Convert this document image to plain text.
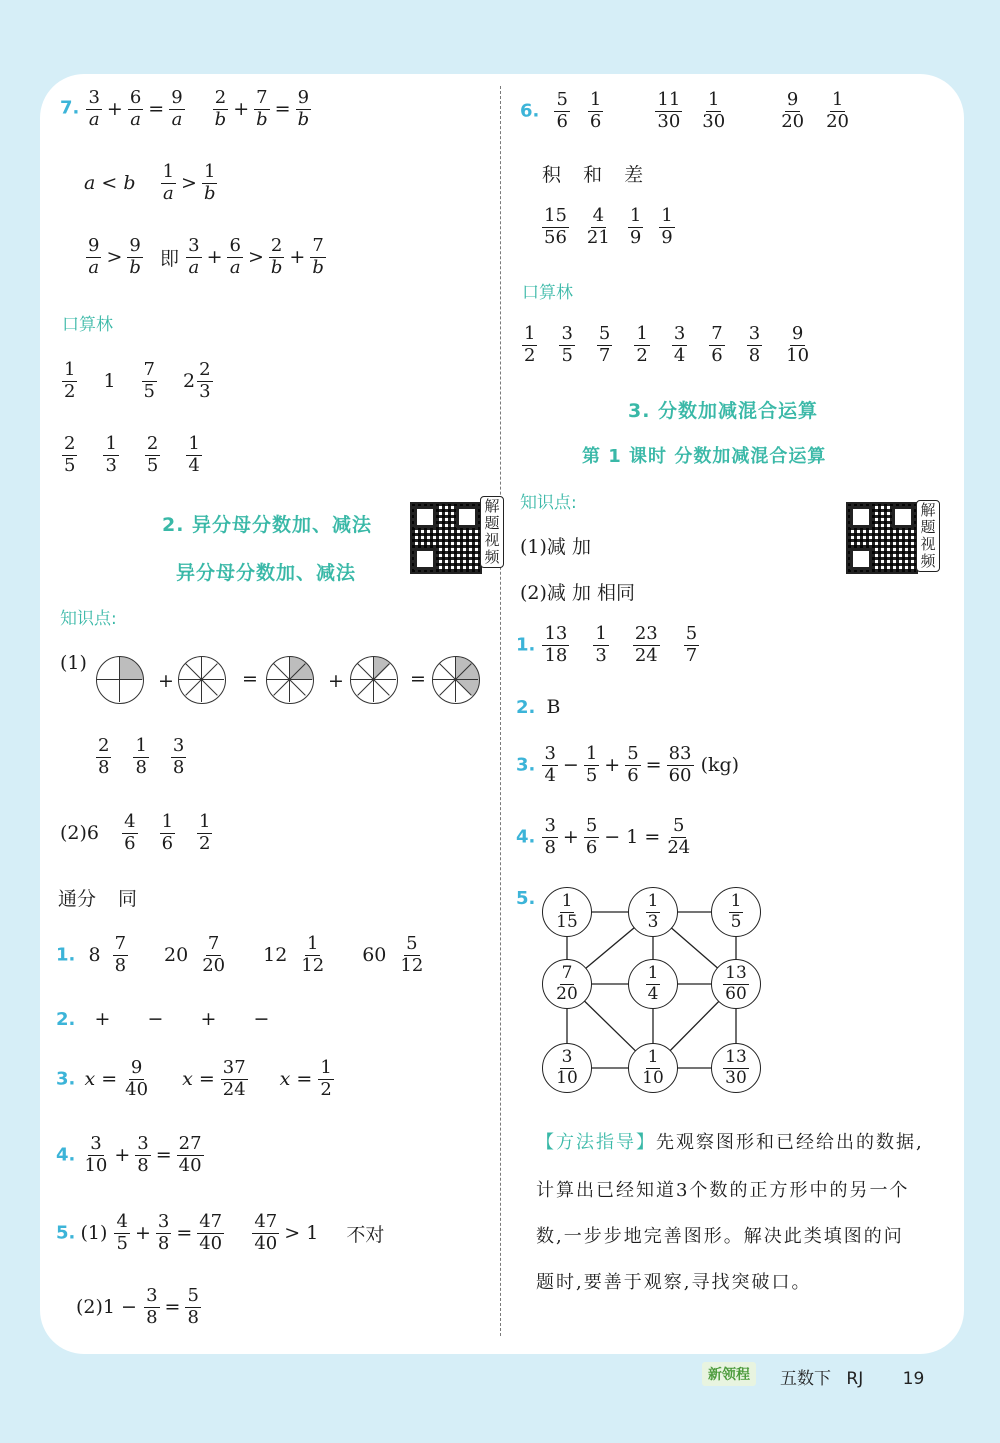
7. $\frac{3}{a} + \frac{6}{a} = \frac{9}{a} \frac{2}{b} + \frac{7}{b} = \frac{9}{b}$
a < b $\frac{1}{a} > \frac{1}{b}$
$\frac{9}{a} > \frac{9}{b}$ 即 $\frac{3}{a} + \frac{6}{a} > \frac{2}{b} + \frac{7}{b}$
口算林
$\frac{1}{2} 1 \frac{7}{5} 2 \frac{2}{3}$
$\frac{2}{5} \frac{1}{3} \frac{2}{5} \frac{1}{4}$
2. 异分母分数加、减法
异分母分数加、减法
解题视频
知识点:
(1)
+	=	+	=
$\frac{2}{8} \frac{1}{8} \frac{3}{8}$
$(2)6 \frac{4}{6} \frac{1}{6} \frac{1}{2}$
通分 同
1. $8 \frac{7}{8} 20 \frac{7}{20} 12 \frac{1}{12} 60 \frac{5}{12}$
2. + − + −
3. $x = \frac{9}{40}$ $x = \frac{37}{24}$ $x = \frac{1}{2}$
4. $\frac{3}{10} + \frac{3}{8} = \frac{27}{40}$
5. $(1) \frac{4}{5} + \frac{3}{8} = \frac{47}{40}$
$\frac{47}{40} > 1$ 不对
$(2)1 - \frac{3}{8} = \frac{5}{8}$
6. $\frac{5}{6} \frac{1}{6}$	$\frac{11}{30} \frac{1}{30}$	$\frac{9}{20} \frac{1}{20}$
积 和 差
$\frac{15}{56} \frac{4}{21} \frac{1}{9} \frac{1}{9}$
口算林
$\frac{1}{2} \frac{3}{5} \frac{5}{7} \frac{1}{2} \frac{3}{4} \frac{7}{6} \frac{3}{8} \frac{9}{10}$
3. 分数加减混合运算
第 1 课时 分数加减混合运算
知识点:	解题视频
(1)减 加
(2)减 加 相同
1. $\frac{13}{18} \frac{1}{3} \frac{23}{24} \frac{5}{7}$
2. B
3. $\frac{3}{4} - \frac{1}{5} + \frac{5}{6} = \frac{83}{60} (kg)$
4. $\frac{3}{8} + \frac{5}{6} - 1 = \frac{5}{24}$
5. $\frac{1}{15}$	$\frac{1}{3}$	$\frac{1}{5}$
$\frac{7}{20}$	$\frac{1}{4}$	$\frac{13}{60}$
$\frac{3}{10}$	$\frac{1}{10}$	$\frac{13}{30}$
【方法指导】先观察图形和已经给出的数据,
计算出已经知道3个数的正方形中的另一个
数,一步步地完善图形。解决此类填图的问
题时,要善于观察,寻找突破口。
新领程	五数下 RJ 19
